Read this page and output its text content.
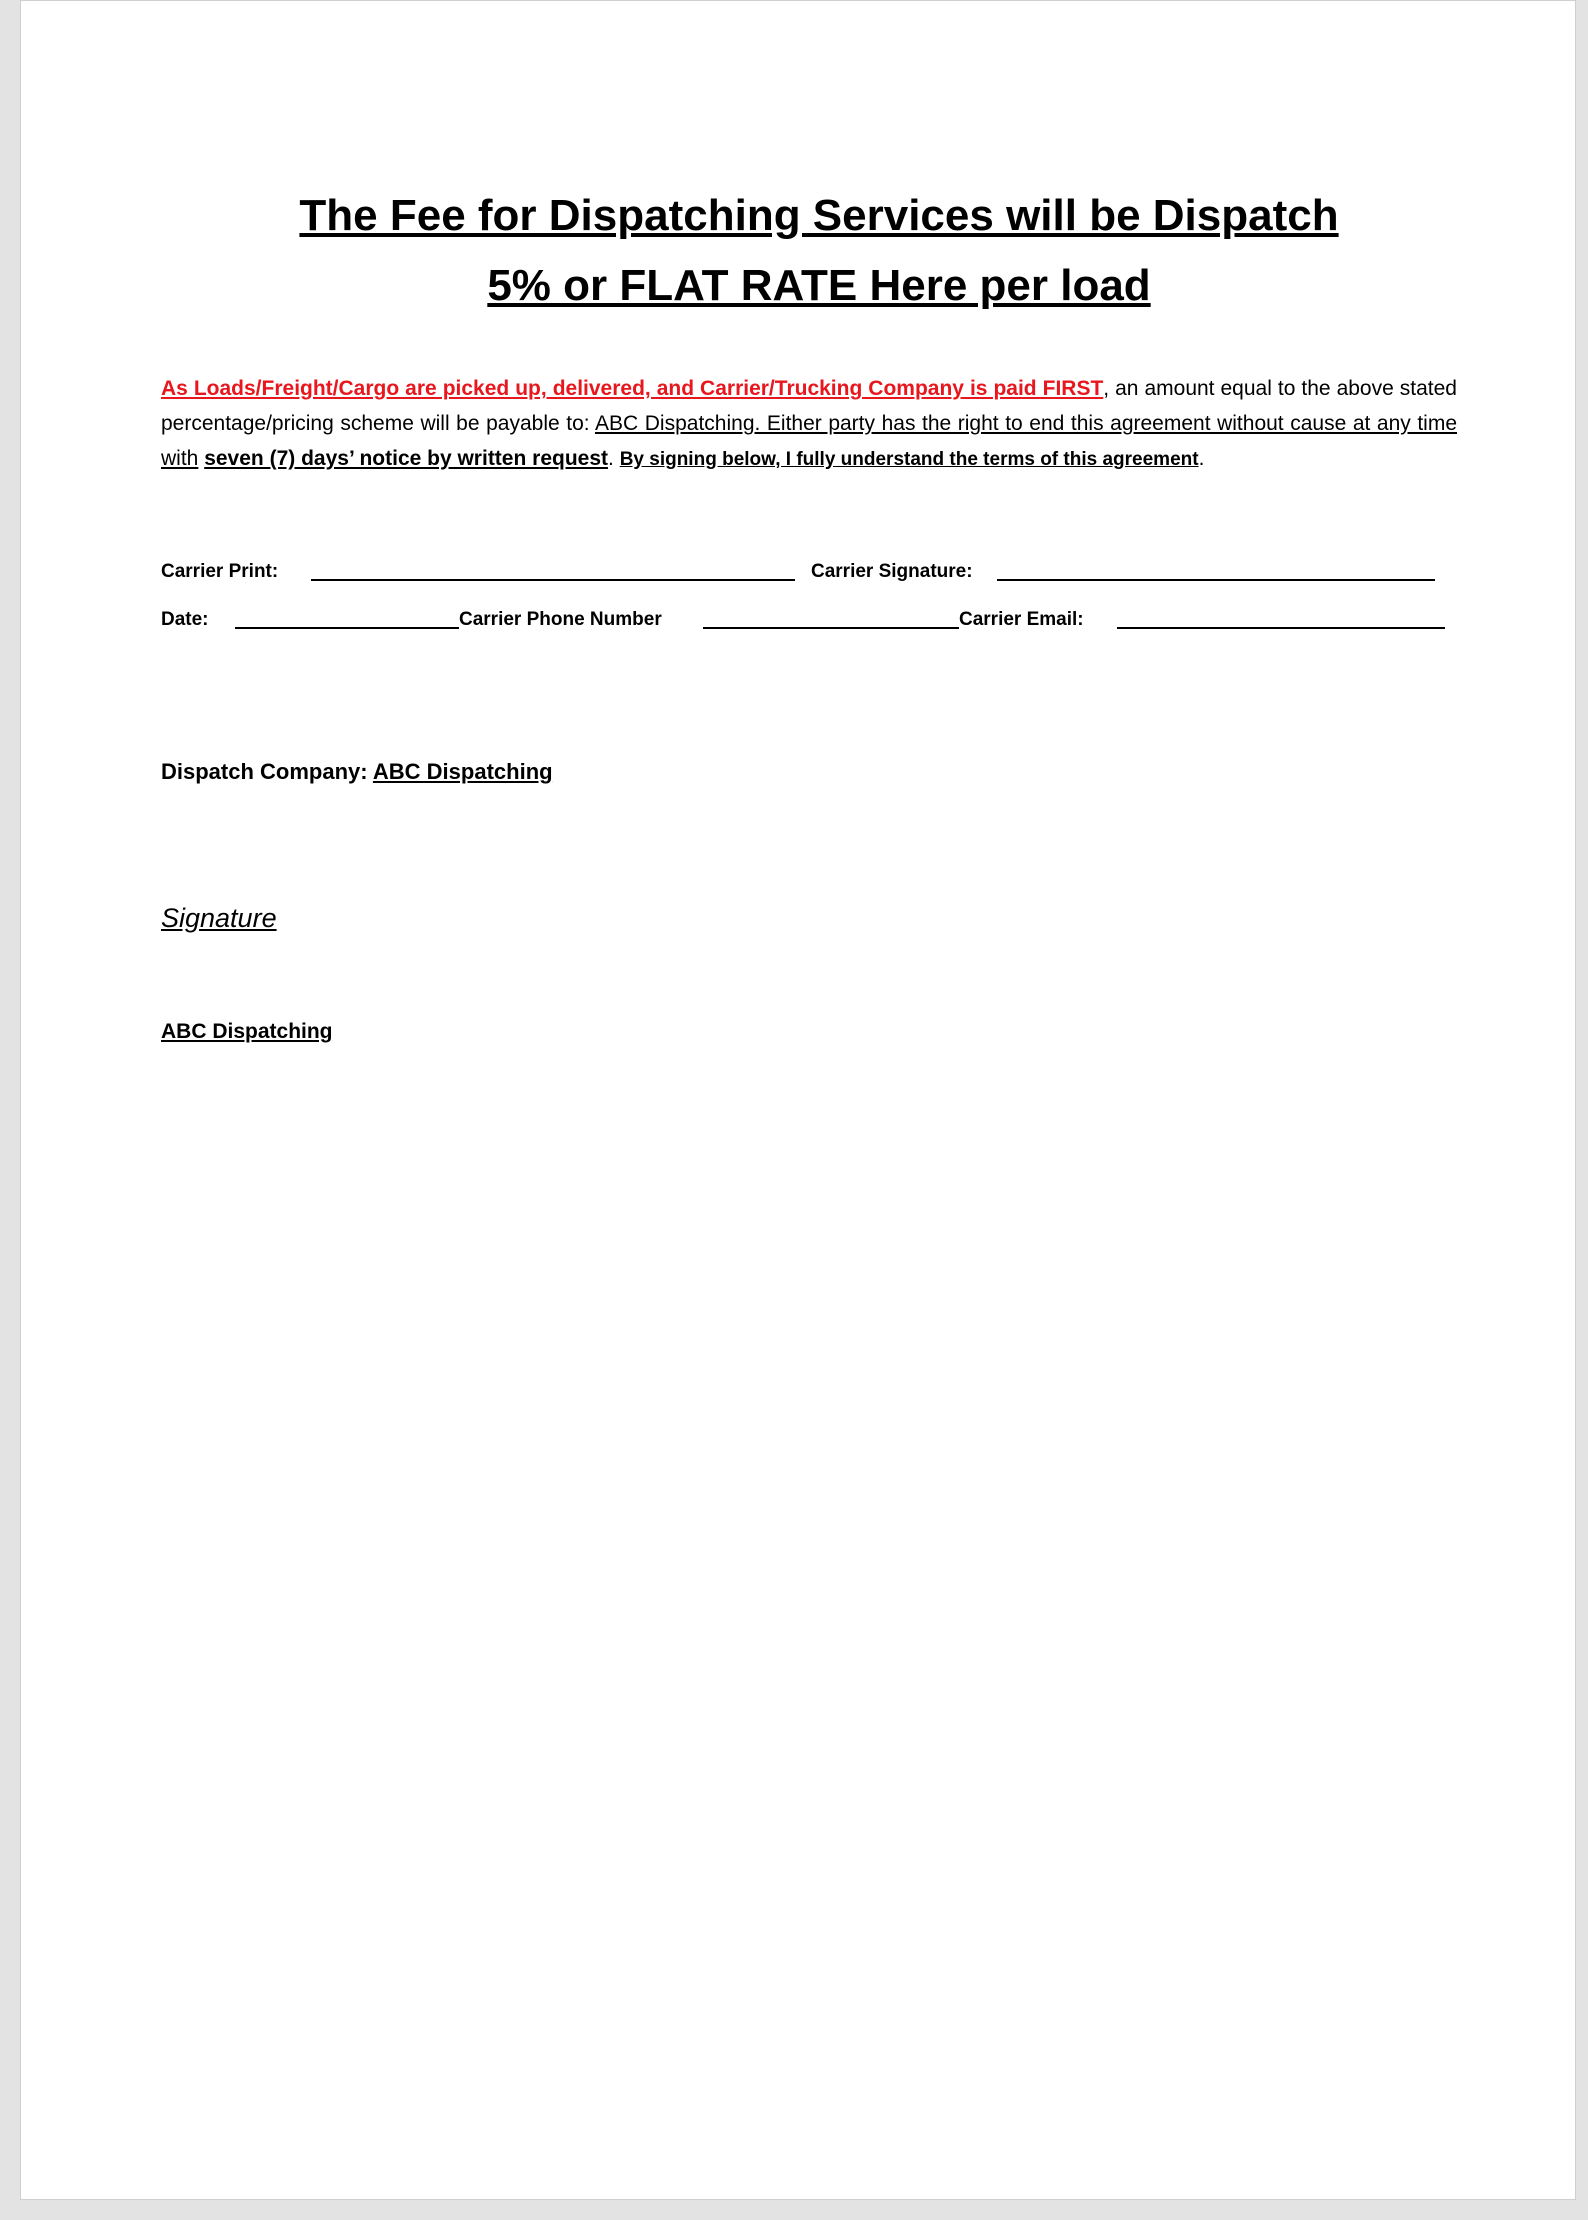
The Fee for Dispatching Services will be Dispatch
5% or FLAT RATE Here per load
As Loads/Freight/Cargo are picked up, delivered, and Carrier/Trucking Company is paid FIRST, an amount equal to the above stated percentage/pricing scheme will be payable to: ABC Dispatching. Either party has the right to end this agreement without cause at any time with seven (7) days’ notice by written request. By signing below, I fully understand the terms of this agreement.
Carrier Print:	Carrier Signature:
Date:	Carrier Phone Number	Carrier Email:
Dispatch Company: ABC Dispatching
Signature
ABC Dispatching
